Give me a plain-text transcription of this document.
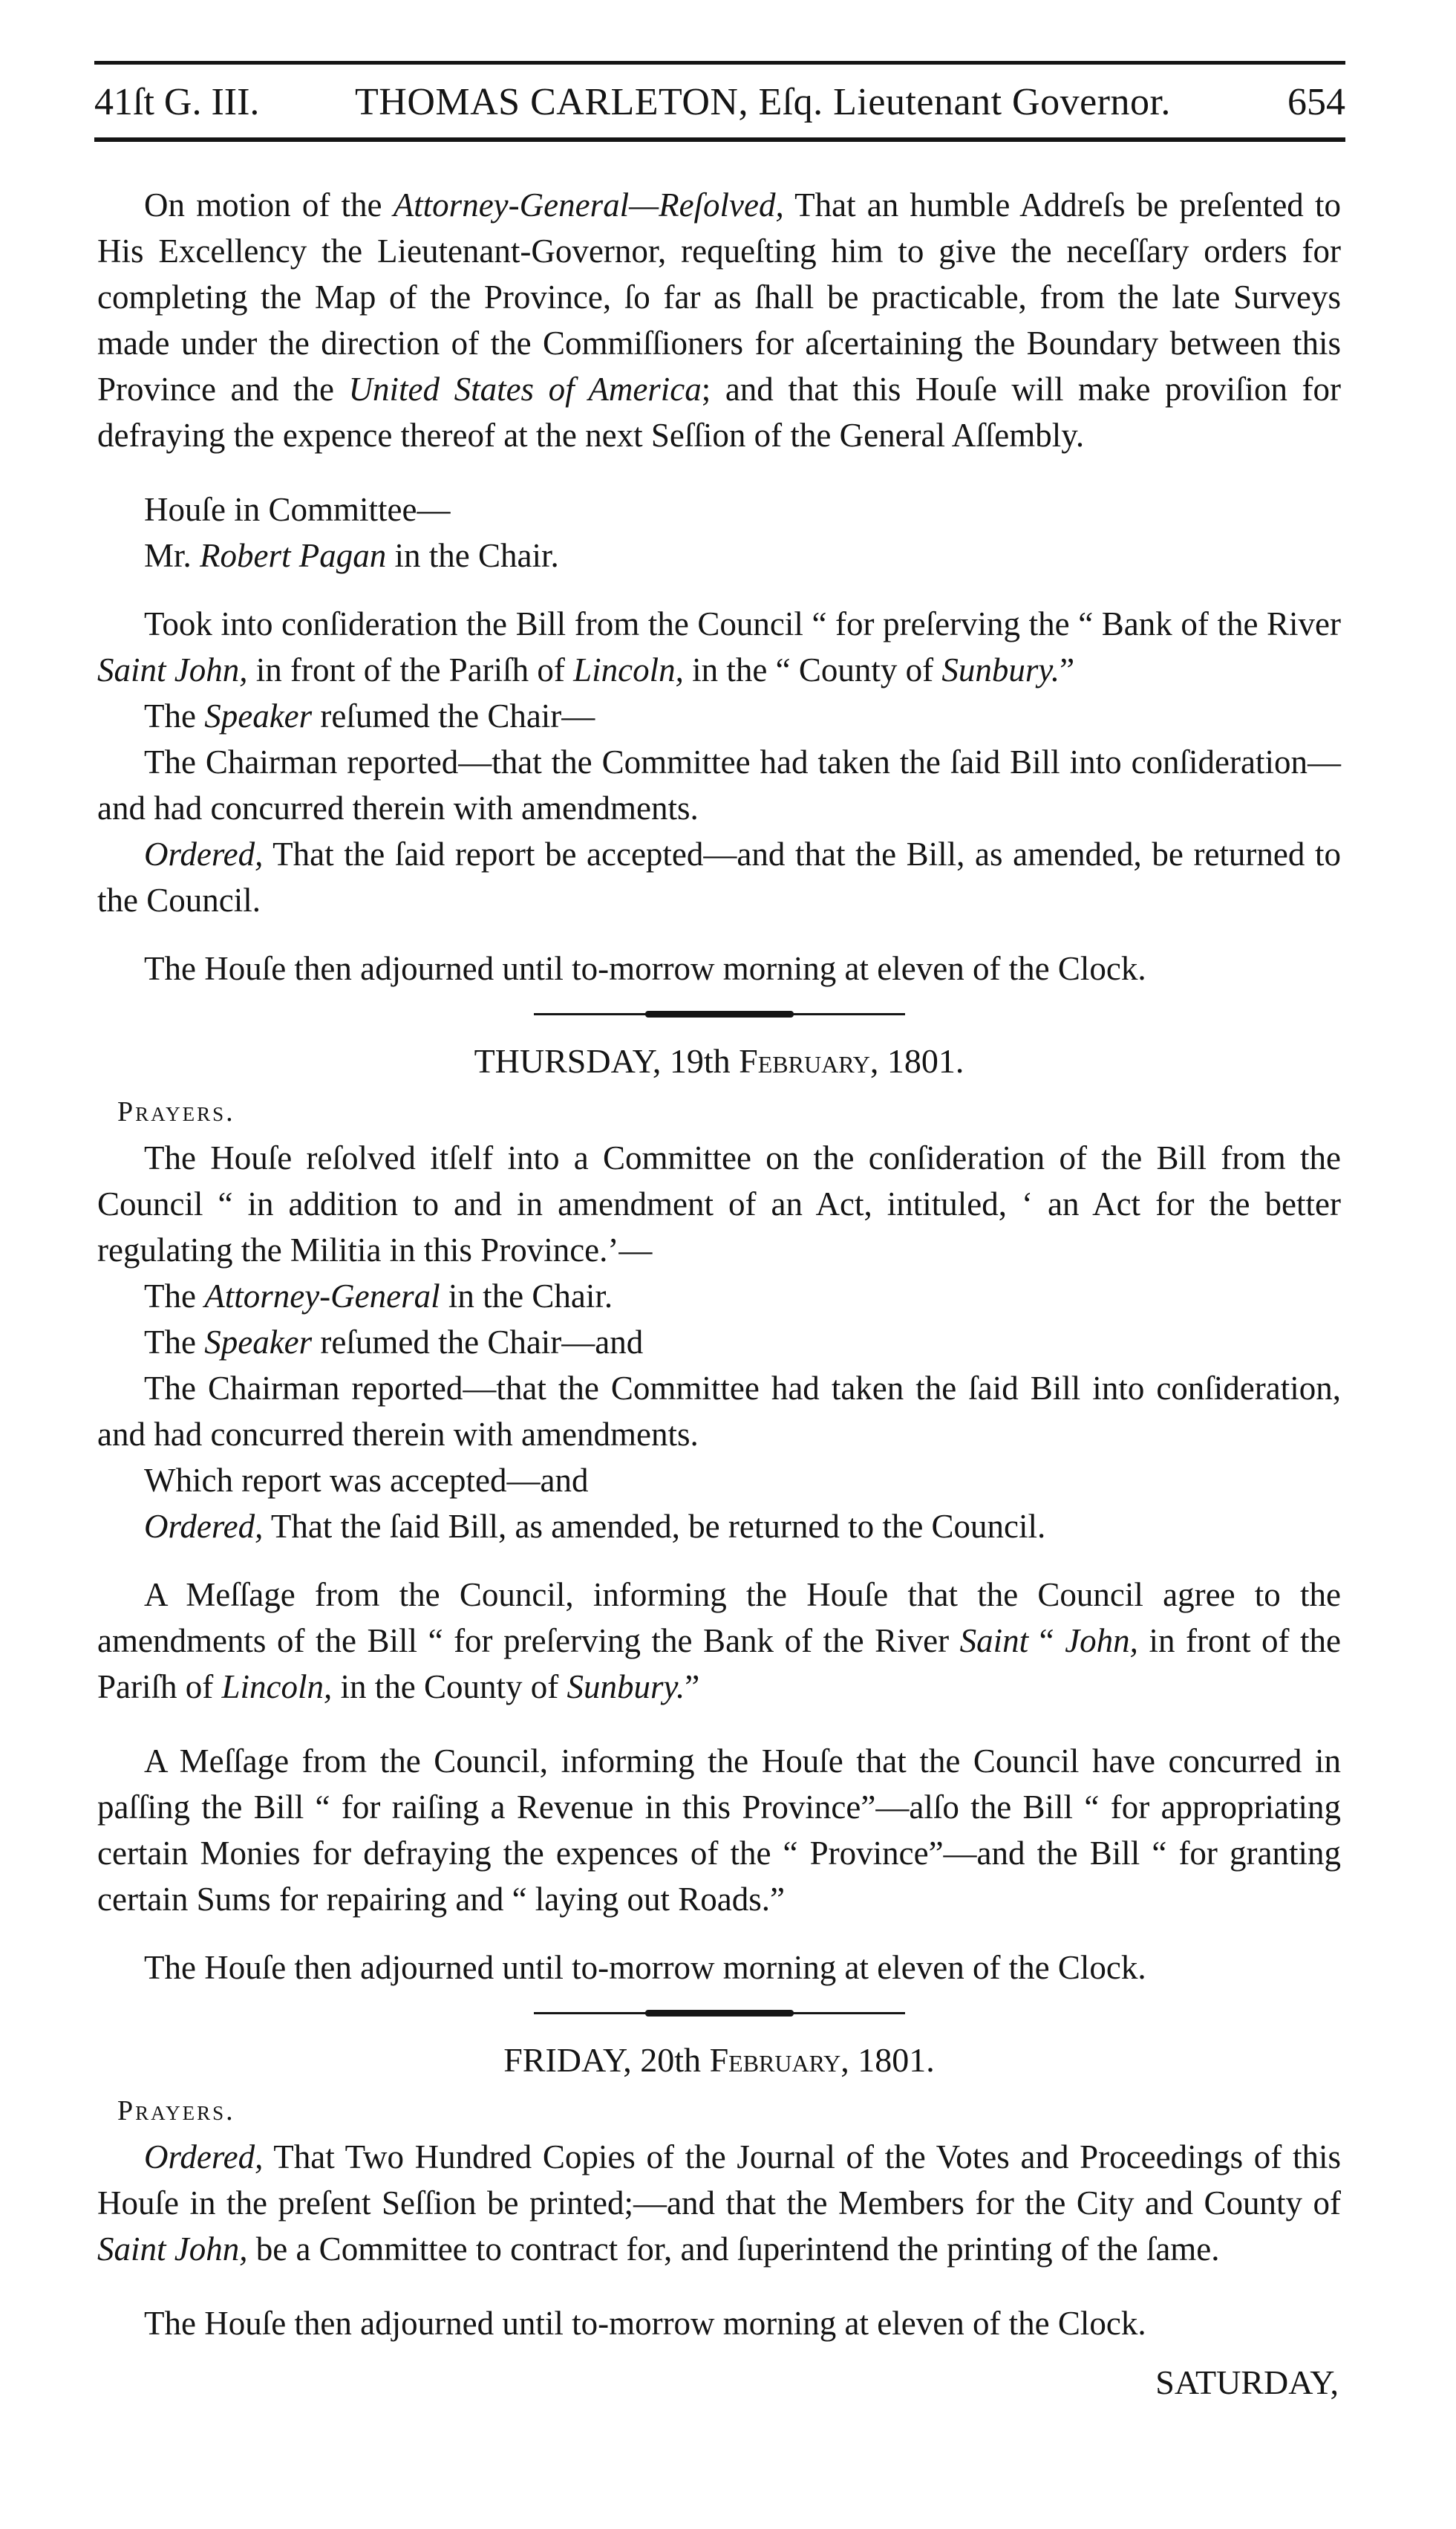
41ſt G. III. THOMAS CARLETON, Eſq. Lieutenant Governor.	654

On motion of the Attorney-General—Reſolved, That an humble Addreſs be preſented to His Excellency the Lieutenant-Governor, requeſting him to give the neceſſary orders for completing the Map of the Province, ſo far as ſhall be practicable, from the late Surveys made under the direction of the Commiſſioners for aſcertaining the Boundary between this Province and the United States of America; and that this Houſe will make proviſion for defraying the expence thereof at the next Seſſion of the General Aſſembly.

Houſe in Committee—

Mr. Robert Pagan in the Chair.

Took into conſideration the Bill from the Council “ for preſerving the “ Bank of the River Saint John, in front of the Pariſh of Lincoln, in the “ County of Sunbury.”

The Speaker reſumed the Chair—

The Chairman reported—that the Committee had taken the ſaid Bill into conſideration—and had concurred therein with amendments.

Ordered, That the ſaid report be accepted—and that the Bill, as amended, be returned to the Council.

The Houſe then adjourned until to-morrow morning at eleven of the Clock.

THURSDAY, 19th February, 1801.

Prayers.

The Houſe reſolved itſelf into a Committee on the conſideration of the Bill from the Council “ in addition to and in amendment of an Act, intituled, ‘ an Act for the better regulating the Militia in this Province.’—

The Attorney-General in the Chair.

The Speaker reſumed the Chair—and

The Chairman reported—that the Committee had taken the ſaid Bill into conſideration, and had concurred therein with amendments.

Which report was accepted—and

Ordered, That the ſaid Bill, as amended, be returned to the Council.

A Meſſage from the Council, informing the Houſe that the Council agree to the amendments of the Bill “ for preſerving the Bank of the River Saint “ John, in front of the Pariſh of Lincoln, in the County of Sunbury.”

A Meſſage from the Council, informing the Houſe that the Council have concurred in paſſing the Bill “ for raiſing a Revenue in this Province”—alſo the Bill “ for appropriating certain Monies for defraying the expences of the “ Province”—and the Bill “ for granting certain Sums for repairing and “ laying out Roads.”

The Houſe then adjourned until to-morrow morning at eleven of the Clock.

FRIDAY, 20th February, 1801.

Prayers.

Ordered, That Two Hundred Copies of the Journal of the Votes and Proceedings of this Houſe in the preſent Seſſion be printed;—and that the Members for the City and County of Saint John, be a Committee to contract for, and ſuperintend the printing of the ſame.

The Houſe then adjourned until to-morrow morning at eleven of the Clock.

SATURDAY,
